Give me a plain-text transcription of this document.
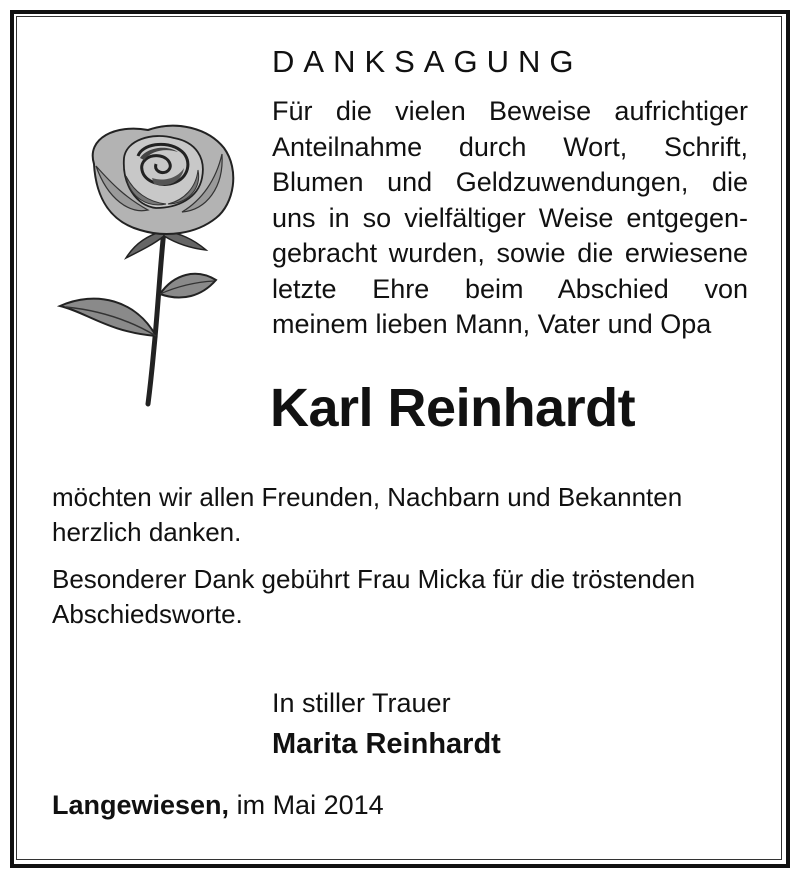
DANKSAGUNG

Für die vielen Beweise aufrichtiger
Anteilnahme durch Wort, Schrift,
Blumen und Geldzuwendungen, die
uns in so vielfältiger Weise entgegen-
gebracht wurden, sowie die erwiesene
letzte Ehre beim Abschied von
meinem lieben Mann, Vater und Opa

Karl Reinhardt

möchten wir allen Freunden, Nachbarn und Bekannten herzlich danken.

Besonderer Dank gebührt Frau Micka für die tröstenden Abschiedsworte.

In stiller Trauer

Marita Reinhardt

Langewiesen, im Mai 2014
